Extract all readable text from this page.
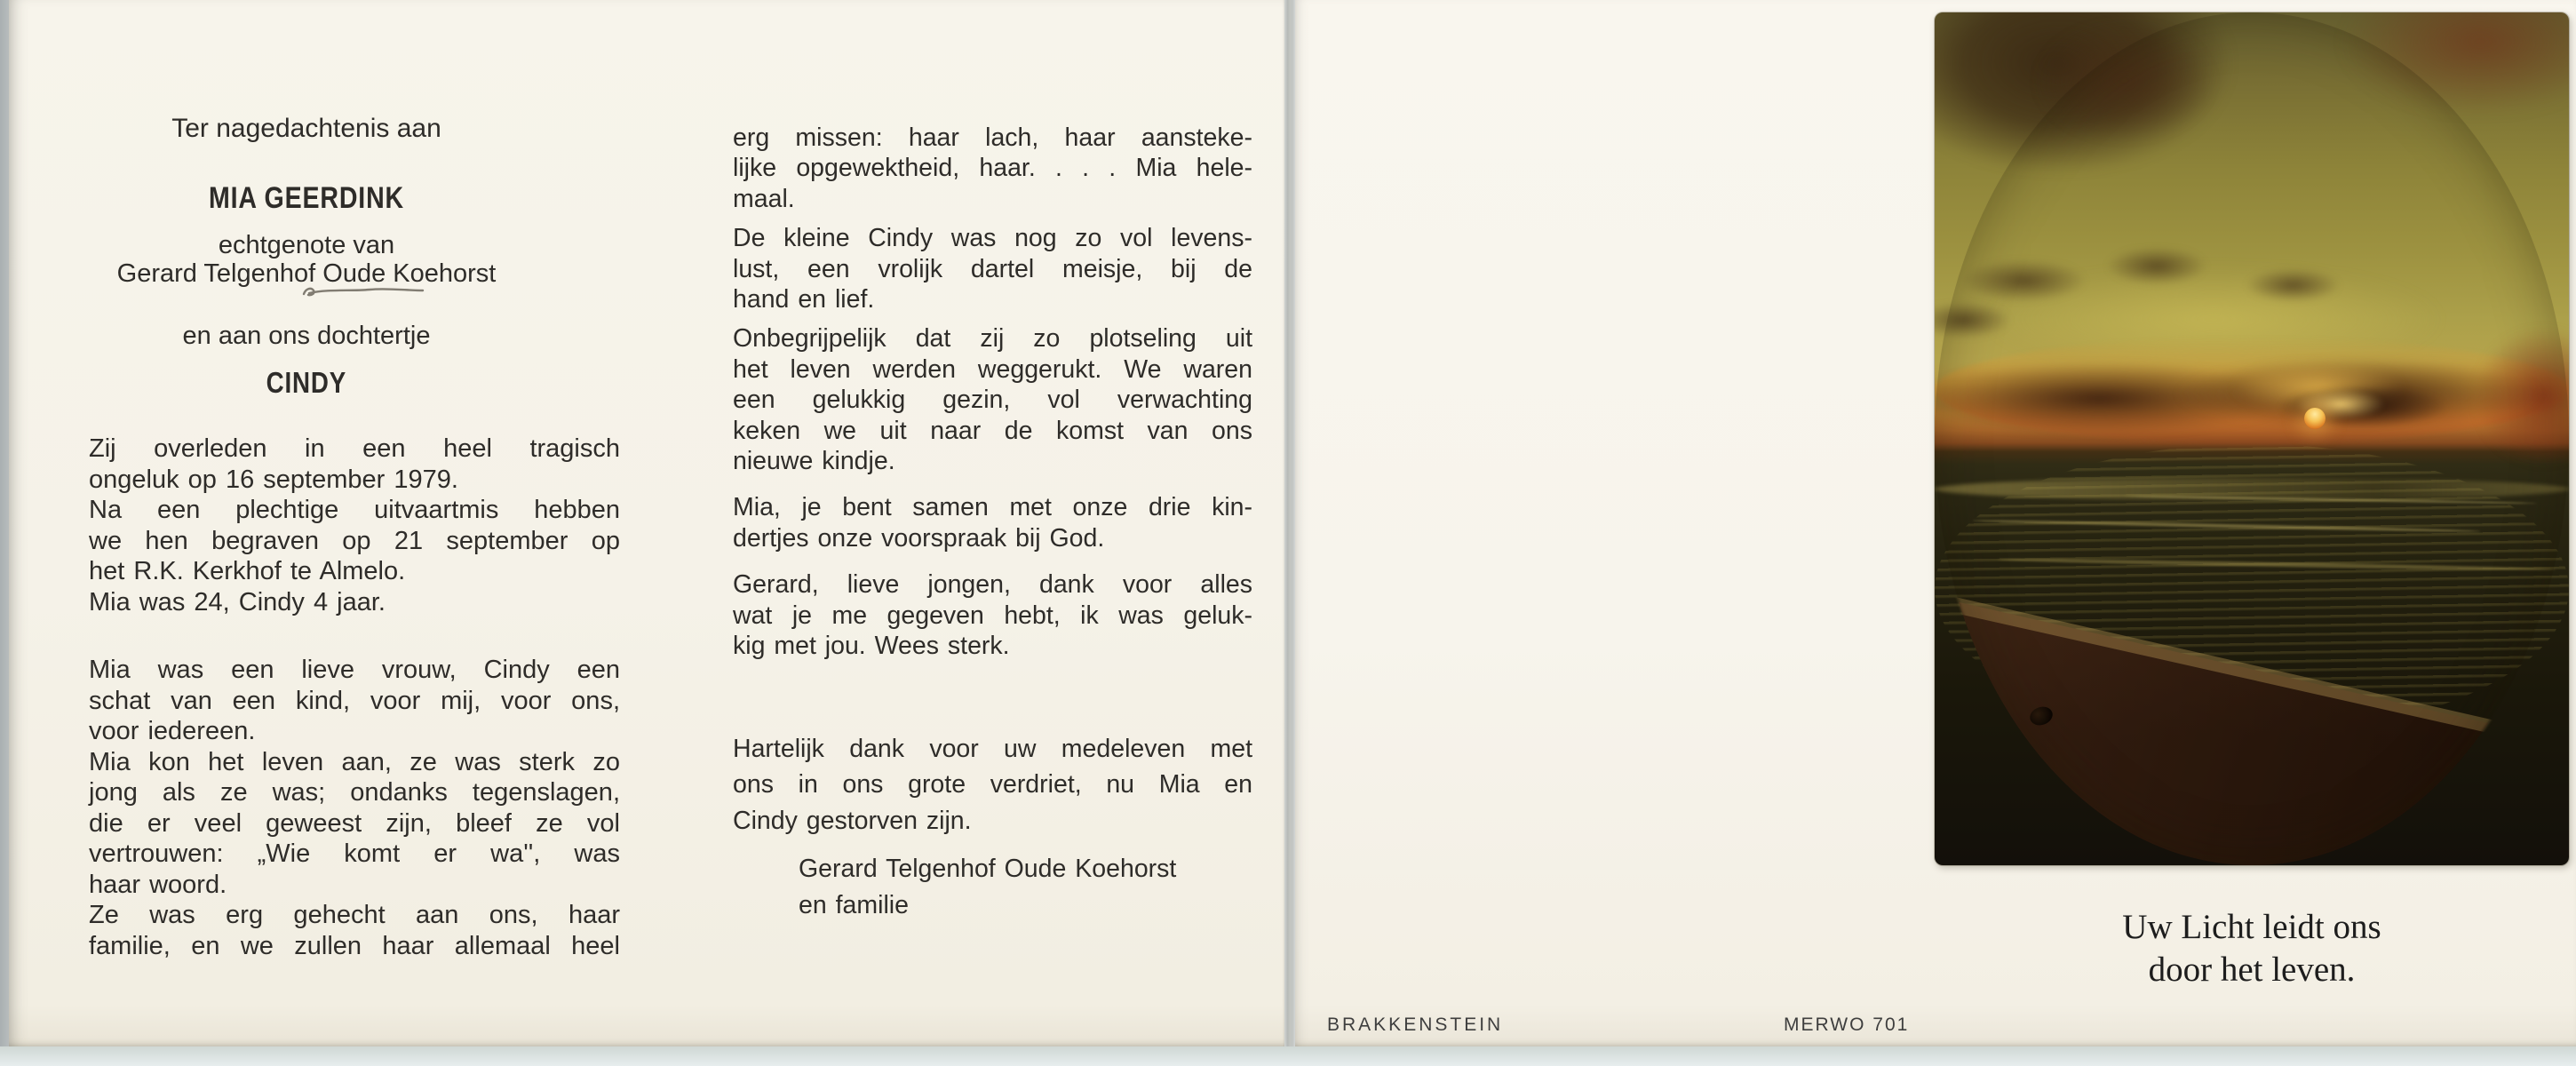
Ter nagedachtenis aan
MIA GEERDINK
echtgenote van
Gerard Telgenhof Oude Koehorst
en aan ons dochtertje
CINDY
Zij overleden in een heel tragisch
ongeluk op 16 september 1979.
Na een plechtige uitvaartmis hebben
we hen begraven op 21 september op
het R.K. Kerkhof te Almelo.
Mia was 24, Cindy 4 jaar.
Mia was een lieve vrouw, Cindy een
schat van een kind, voor mij, voor ons,
voor iedereen.
Mia kon het leven aan, ze was sterk zo
jong als ze was; ondanks tegenslagen,
die er veel geweest zijn, bleef ze vol
vertrouwen: „Wie komt er wa'', was
haar woord.
Ze was erg gehecht aan ons, haar
familie, en we zullen haar allemaal heel
erg missen: haar lach, haar aansteke-
lijke opgewektheid, haar. . . . Mia hele-
maal.
De kleine Cindy was nog zo vol levens-
lust, een vrolijk dartel meisje, bij de
hand en lief.
Onbegrijpelijk dat zij zo plotseling uit
het leven werden weggerukt. We waren
een gelukkig gezin, vol verwachting
keken we uit naar de komst van ons
nieuwe kindje.
Mia, je bent samen met onze drie kin-
dertjes onze voorspraak bij God.
Gerard, lieve jongen, dank voor alles
wat je me gegeven hebt, ik was geluk-
kig met jou. Wees sterk.
Hartelijk dank voor uw medeleven met
ons in ons grote verdriet, nu Mia en
Cindy gestorven zijn.
Gerard Telgenhof Oude Koehorst
en familie
Uw Licht leidt ons
door het leven.
BRAKKENSTEIN	MERWO 701
